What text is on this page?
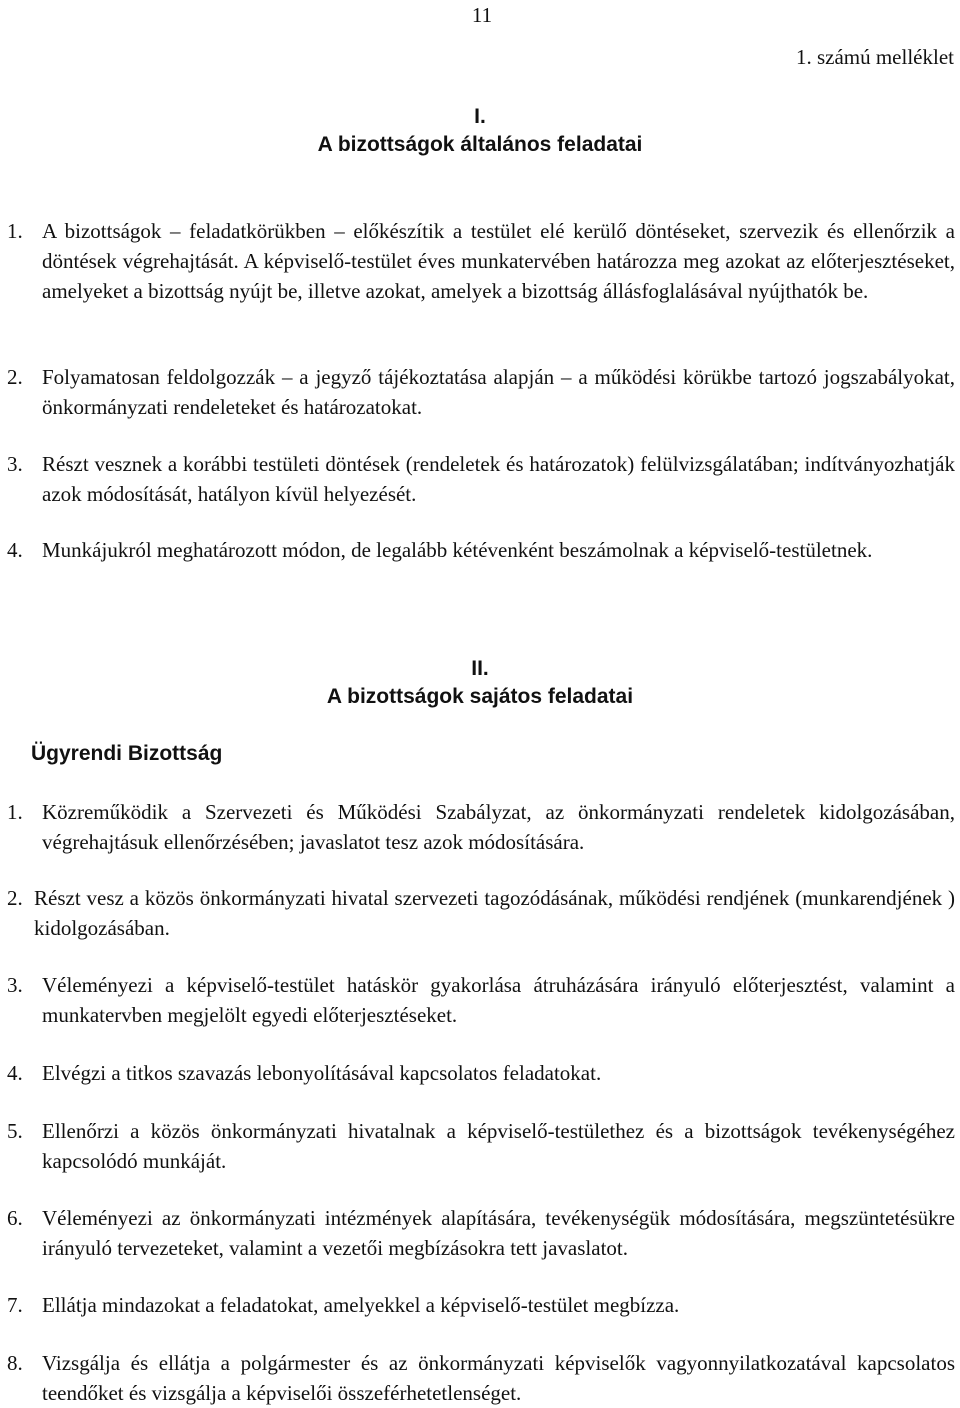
11
1. számú melléklet
I.
A bizottságok általános feladatai
1. A bizottságok – feladatkörükben – előkészítik a testület elé kerülő döntéseket, szervezik és ellenőrzik a döntések végrehajtását. A képviselő-testület éves munkatervében határozza meg azokat az előterjesztéseket, amelyeket a bizottság nyújt be, illetve azokat, amelyek a bizottság állásfoglalásával nyújthatók be.
2. Folyamatosan feldolgozzák – a jegyző tájékoztatása alapján – a működési körükbe tartozó jogszabályokat, önkormányzati rendeleteket és határozatokat.
3. Részt vesznek a korábbi testületi döntések (rendeletek és határozatok) felülvizsgálatában; indítványozhatják azok módosítását, hatályon kívül helyezését.
4. Munkájukról meghatározott módon, de legalább kétévenként beszámolnak a képviselő-testületnek.
II.
A bizottságok sajátos feladatai
Ügyrendi Bizottság
1. Közreműködik a Szervezeti és Működési Szabályzat, az önkormányzati rendeletek kidolgozásában, végrehajtásuk ellenőrzésében; javaslatot tesz azok módosítására.
2. Részt vesz a közös önkormányzati hivatal szervezeti tagozódásának, működési rendjének (munkarendjének ) kidolgozásában.
3. Véleményezi a képviselő-testület hatáskör gyakorlása átruházására irányuló előterjesztést, valamint a munkatervben megjelölt egyedi előterjesztéseket.
4. Elvégzi a titkos szavazás lebonyolításával kapcsolatos feladatokat.
5. Ellenőrzi a közös önkormányzati hivatalnak a képviselő-testülethez és a bizottságok tevékenységéhez kapcsolódó munkáját.
6. Véleményezi az önkormányzati intézmények alapítására, tevékenységük módosítására, megszüntetésükre irányuló tervezeteket, valamint a vezetői megbízásokra tett javaslatot.
7. Ellátja mindazokat a feladatokat, amelyekkel a képviselő-testület megbízza.
8. Vizsgálja és ellátja a polgármester és az önkormányzati képviselők vagyonnyilatkozatával kapcsolatos teendőket és vizsgálja a képviselői összeférhetetlenséget.
